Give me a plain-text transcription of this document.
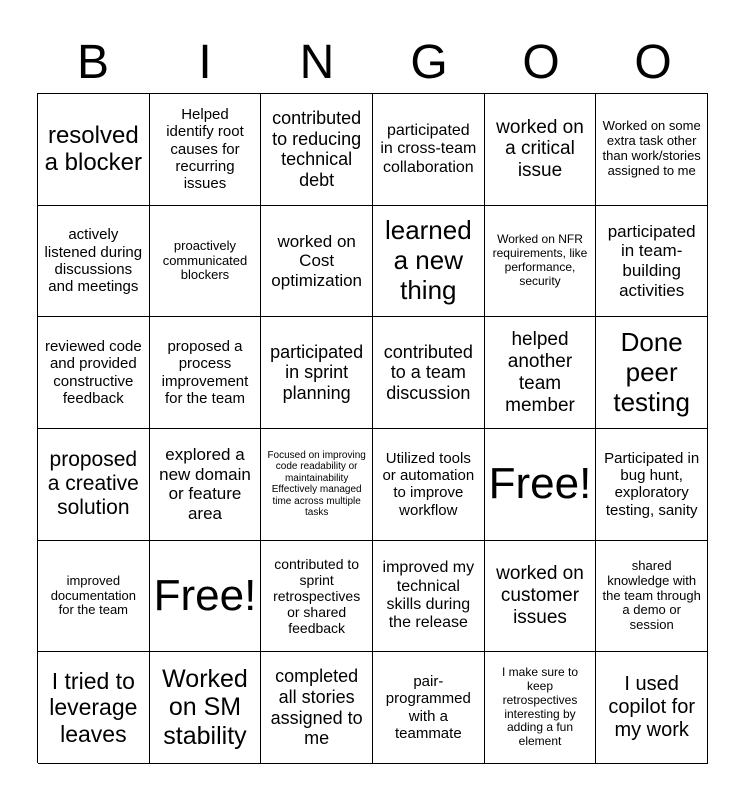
B	I	N	G	O	O
resolved a blocker
Helped identify root causes for recurring issues
contributed to reducing technical debt
participated in cross-team collaboration
worked on a critical issue
Worked on some extra task other than work/stories assigned to me
actively listened during discussions and meetings
proactively communicated blockers
worked on Cost optimization
learned a new thing
Worked on NFR requirements, like performance, security
participated in team-building activities
reviewed code and provided constructive feedback
proposed a process improvement for the team
participated in sprint planning
contributed to a team discussion
helped another team member
Done peer testing
proposed a creative solution
explored a new domain or feature area
Focused on improving code readability or maintainability Effectively managed time across multiple tasks
Utilized tools or automation to improve workflow
Free!
Participated in bug hunt, exploratory testing, sanity
improved documentation for the team Free!
contributed to sprint retrospectives or shared feedback
improved my technical skills during the release
worked on customer issues
shared knowledge with the team through a demo or session
I tried to leverage leaves
Worked on SM stability
completed all stories assigned to me
pair-programmed with a teammate
I make sure to keep retrospectives interesting by adding a fun element
I used copilot for my work
